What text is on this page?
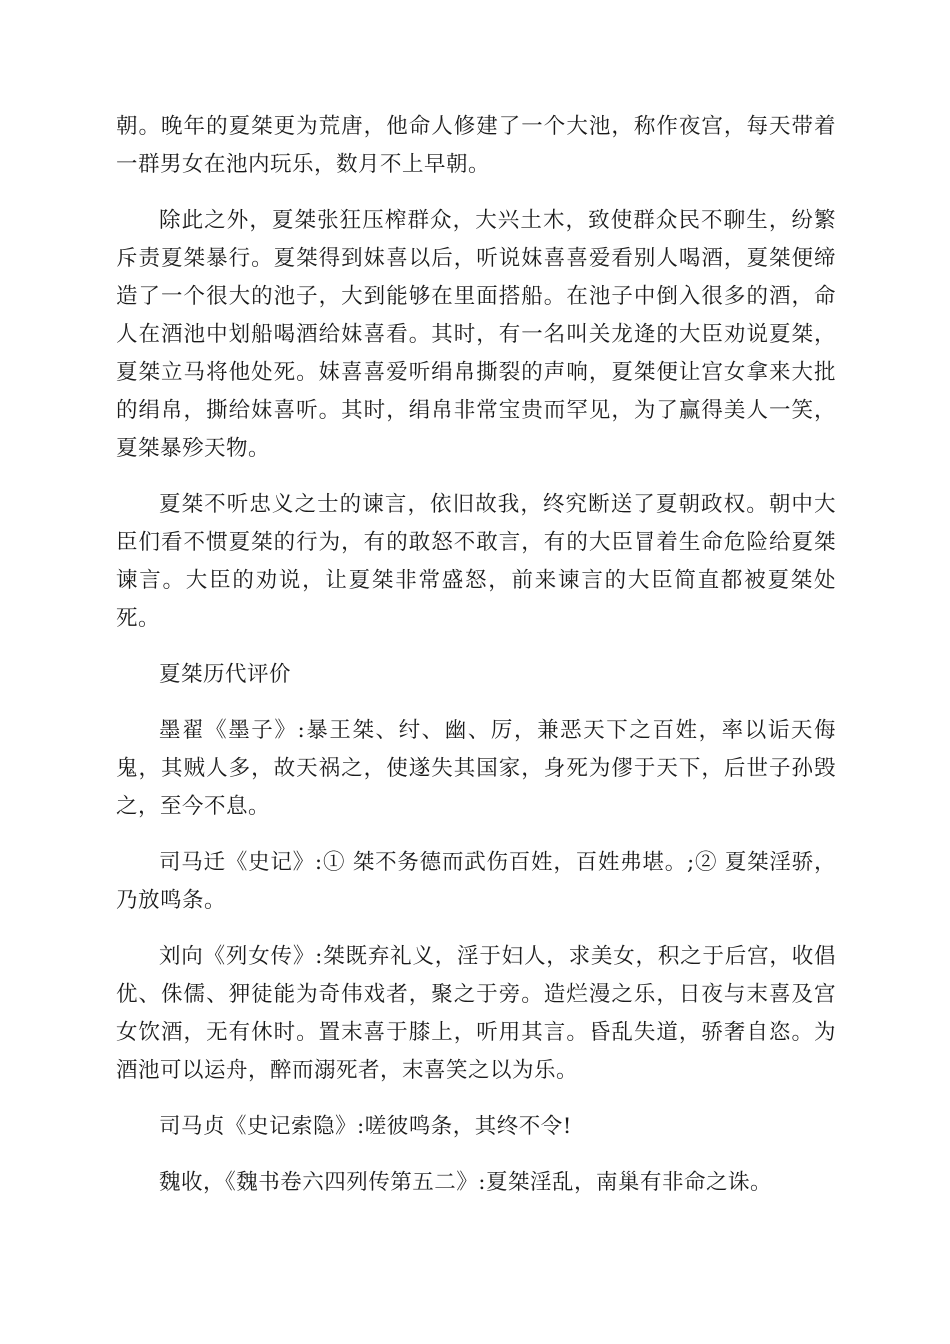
朝。晚年的夏桀更为荒唐，他命人修建了一个大池，称作夜宫，每天带着一群男女在池内玩乐，数月不上早朝。

除此之外，夏桀张狂压榨群众，大兴土木，致使群众民不聊生，纷繁斥责夏桀暴行。夏桀得到妺喜以后，听说妺喜喜爱看别人喝酒，夏桀便缔造了一个很大的池子，大到能够在里面搭船。在池子中倒入很多的酒，命人在酒池中划船喝酒给妺喜看。其时，有一名叫关龙逄的大臣劝说夏桀，夏桀立马将他处死。妺喜喜爱听绢帛撕裂的声响，夏桀便让宫女拿来大批的绢帛，撕给妺喜听。其时，绢帛非常宝贵而罕见，为了赢得美人一笑，夏桀暴殄天物。

夏桀不听忠义之士的谏言，依旧故我，终究断送了夏朝政权。朝中大臣们看不惯夏桀的行为，有的敢怒不敢言，有的大臣冒着生命危险给夏桀谏言。大臣的劝说，让夏桀非常盛怒，前来谏言的大臣简直都被夏桀处死。

夏桀历代评价

墨翟《墨子》:暴王桀、纣、幽、厉，兼恶天下之百姓，率以诟天侮鬼，其贼人多，故天祸之，使遂失其国家，身死为僇于天下，后世子孙毁之，至今不息。

司马迁《史记》:① 桀不务德而武伤百姓，百姓弗堪。;② 夏桀淫骄，乃放鸣条。

刘向《列女传》:桀既弃礼义，淫于妇人，求美女，积之于后宫，收倡优、侏儒、狎徒能为奇伟戏者，聚之于旁。造烂漫之乐，日夜与末喜及宫女饮酒，无有休时。置末喜于膝上，听用其言。昏乱失道，骄奢自恣。为酒池可以运舟，醉而溺死者，末喜笑之以为乐。

司马贞《史记索隐》:嗟彼鸣条，其终不令!

魏收，《魏书卷六四列传第五二》:夏桀淫乱，南巢有非命之诛。
